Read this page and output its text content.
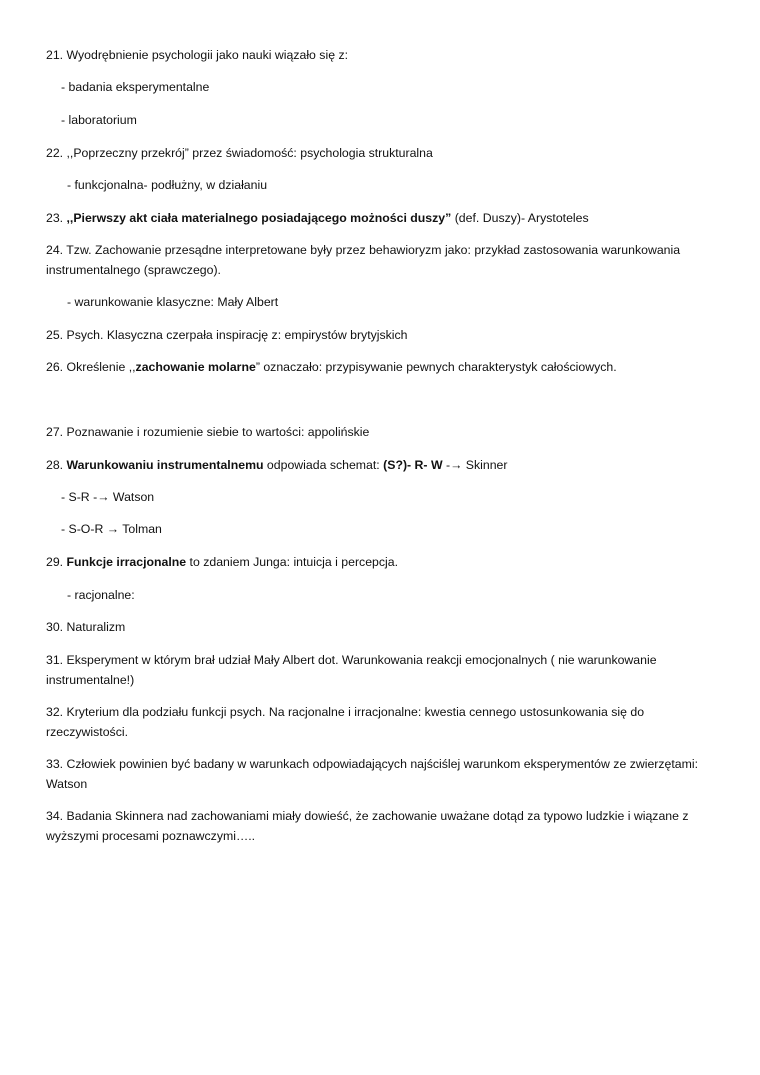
21. Wyodrębnienie psychologii jako nauki wiązało się z:
- badania eksperymentalne
- laboratorium
22. ,,Poprzeczny przekrój” przez świadomość: psychologia strukturalna
- funkcjonalna- podłużny, w działaniu
23. ,,Pierwszy akt ciała materialnego posiadającego możności duszy” (def. Duszy)- Arystoteles
24. Tzw. Zachowanie przesądne interpretowane były przez behawioryzm jako: przykład zastosowania warunkowania instrumentalnego (sprawczego).
- warunkowanie klasyczne: Mały Albert
25. Psych. Klasyczna czerpała inspirację z: empirystów brytyjskich
26. Określenie ,,zachowanie molarne” oznaczało: przypisywanie pewnych charakterystyk całościowych.
27. Poznawanie i rozumienie siebie to wartości: appolińskie
28. Warunkowaniu instrumentalnemu odpowiada schemat: (S?)- R- W -→ Skinner
- S-R -→ Watson
- S-O-R → Tolman
29. Funkcje irracjonalne to zdaniem Junga: intuicja i percepcja.
- racjonalne:
30. Naturalizm
31. Eksperyment w którym brał udział Mały Albert dot. Warunkowania reakcji emocjonalnych ( nie warunkowanie instrumentalne!)
32. Kryterium dla podziału funkcji psych. Na racjonalne i irracjonalne: kwestia cennego ustosunkowania się do rzeczywistości.
33. Człowiek powinien być badany w warunkach odpowiadających najściślej warunkom eksperymentów ze zwierzętami: Watson
34. Badania Skinnera nad zachowaniami miały dowieść, że zachowanie uważane dotąd za typowo ludzkie i wiązane z wyższymi procesami poznawczymi…..
